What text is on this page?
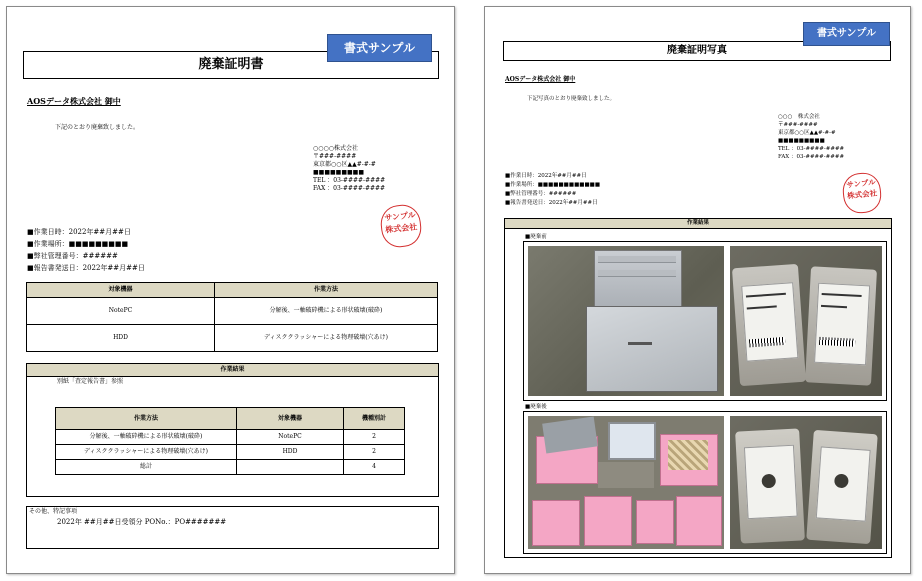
廃棄証明書
書式サンプル
AOSデータ株式会社 御中
下記のとおり廃棄致しました。
○○○○株式会社
〒###-####
東京都○○区▲▲#-#-#
■■■■■■■■■
TEL ：03-####-####
FAX ：03-####-####
サンプル
株式会社
■作業日時：2022年##月##日
■作業場所：■■■■■■■■■
■弊社管理番号：######
■報告書発送日：2022年##月##日
対象機器	作業方法
NotePC	分解後、一軸破砕機による形状破壊(破砕)
HDD	ディスククラッシャーによる物理破壊(穴あけ)
作業結果
別紙「査定報告書」参照
作業方法	対象機器	機種別計
分解後、一軸破砕機による形状破壊(破砕)	NotePC	2
ディスククラッシャーによる物理破壊(穴あけ)	HDD	2
総計		4
その他、特記事項
2022年 ##月##日受領分 PONo.：PO#######
廃棄証明写真
書式サンプル
AOSデータ株式会社 御中
下記写真のとおり廃棄致しました。
○○○　株式会社
〒###-####
東京都○○区▲▲#-#-#
■■■■■■■■■
TEL ：03-####-####
FAX ：03-####-####
サンプル
株式会社
■作業日時：2022年##月##日
■作業場所：■■■■■■■■■■■■
■弊社管理番号：######
■報告書発送日：2022年##月##日
作業結果
■廃棄前
■廃棄後
